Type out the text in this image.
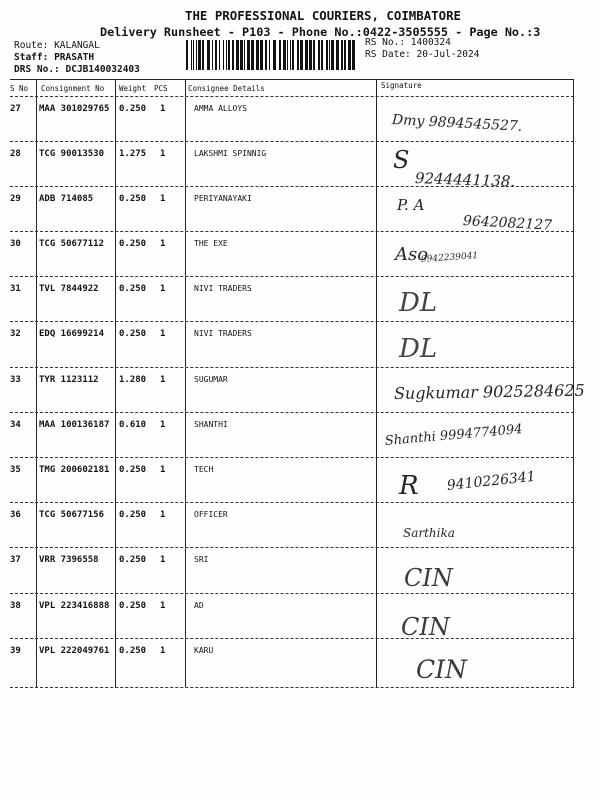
THE PROFESSIONAL COURIERS, COIMBATORE
Delivery Runsheet - P103 - Phone No.:0422-3505555 - Page No.:3
Route: KALANGAL
Staff: PRASATH
DRS No.: DCJB140032403
RS No.: 1400324
RS Date: 20-Jul-2024
S No	Consignment No	Weight	PCS	Consignee Details	Signature
27	MAA 301029765	0.250	1	AMMA ALLOYS
Dmy 9894545527.
28	TCG 90013530	1.275	1	LAKSHMI SPINNIG	S
9244441138.
29	ADB 714085	0.250	1	PERIYANAYAKI	P. A
9642082127
30	TCG 50677112	0.250	1	THE EXE
Aso
9942239041
31	TVL 7844922	0.250	1	NIVI TRADERS	DL
32	EDQ 16699214	0.250	1	NIVI TRADERS
DL
33	TYR 1123112	1.280	1	SUGUMAR
Sugkumar 9025284625
34	MAA 100136187	0.610	1	SHANTHI	Shanthi 9994774094
35	TMG 200602181	0.250	1	TECH
R 9410226341
36	TCG 50677156	0.250	1	OFFICER
Sarthika
37	VRR 7396558	0.250	1	SRI
CIN
38	VPL 223416888	0.250	1	AD
CIN
39	VPL 222049761	0.250	1	KARU
CIN
